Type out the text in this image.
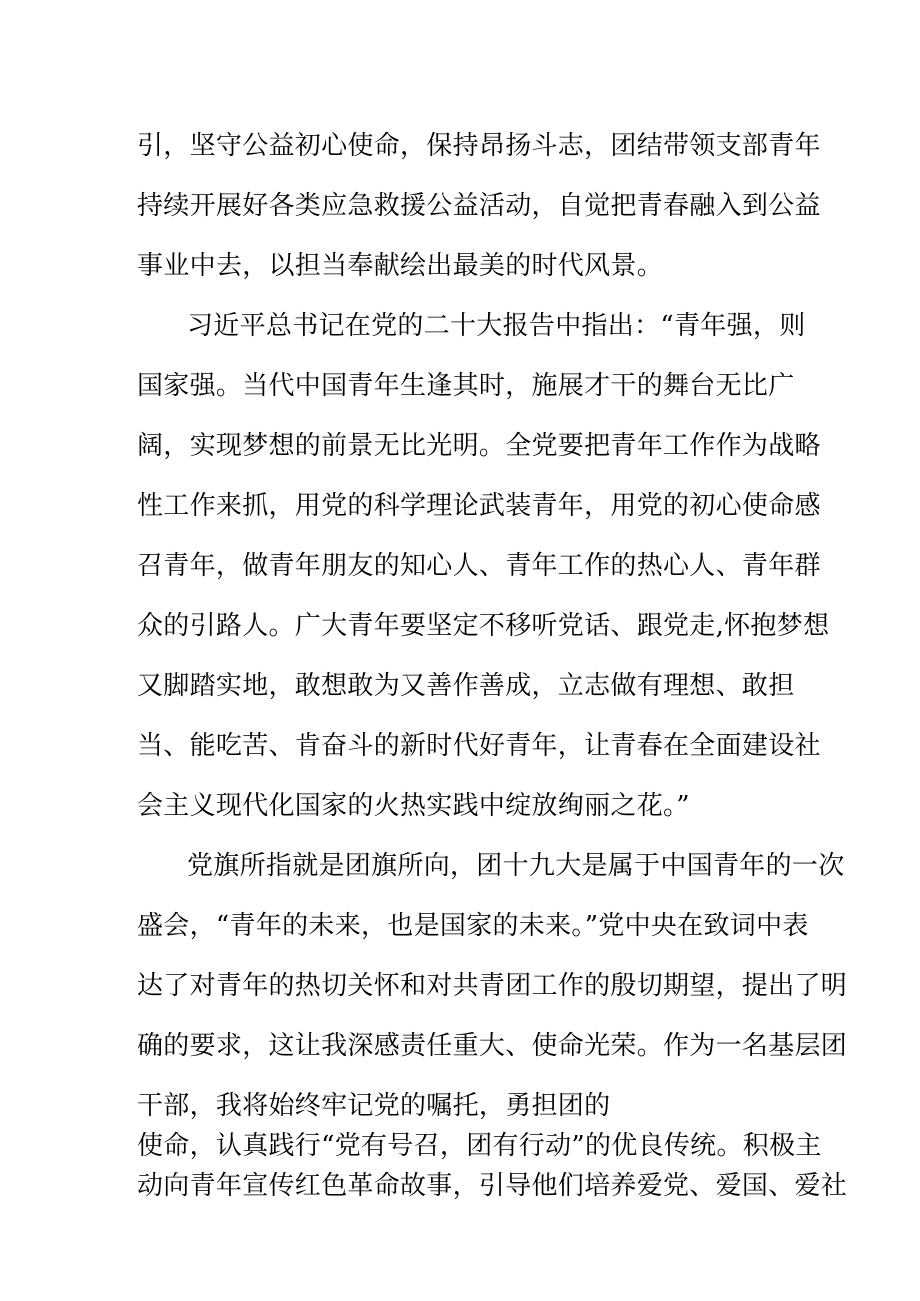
引，坚守公益初心使命，保持昂扬斗志，团结带领支部青年
持续开展好各类应急救援公益活动，自觉把青春融入到公益
事业中去，以担当奉献绘出最美的时代风景。
习近平总书记在党的二十大报告中指出：“青年强，则
国家强。当代中国青年生逢其时，施展才干的舞台无比广
阔，实现梦想的前景无比光明。全党要把青年工作作为战略
性工作来抓，用党的科学理论武装青年，用党的初心使命感
召青年，做青年朋友的知心人、青年工作的热心人、青年群
众的引路人。广大青年要坚定不移听党话、跟党走,怀抱梦想
又脚踏实地，敢想敢为又善作善成，立志做有理想、敢担
当、能吃苦、肯奋斗的新时代好青年，让青春在全面建设社
会主义现代化国家的火热实践中绽放绚丽之花。”
党旗所指就是团旗所向，团十九大是属于中国青年的一次
盛会，“青年的未来，也是国家的未来。”党中央在致词中表
达了对青年的热切关怀和对共青团工作的殷切期望，提出了明
确的要求，这让我深感责任重大、使命光荣。作为一名基层团
干部，我将始终牢记党的嘱托，勇担团的
使命，认真践行“党有号召，团有行动”的优良传统。积极主
动向青年宣传红色革命故事，引导他们培养爱党、爱国、爱社
